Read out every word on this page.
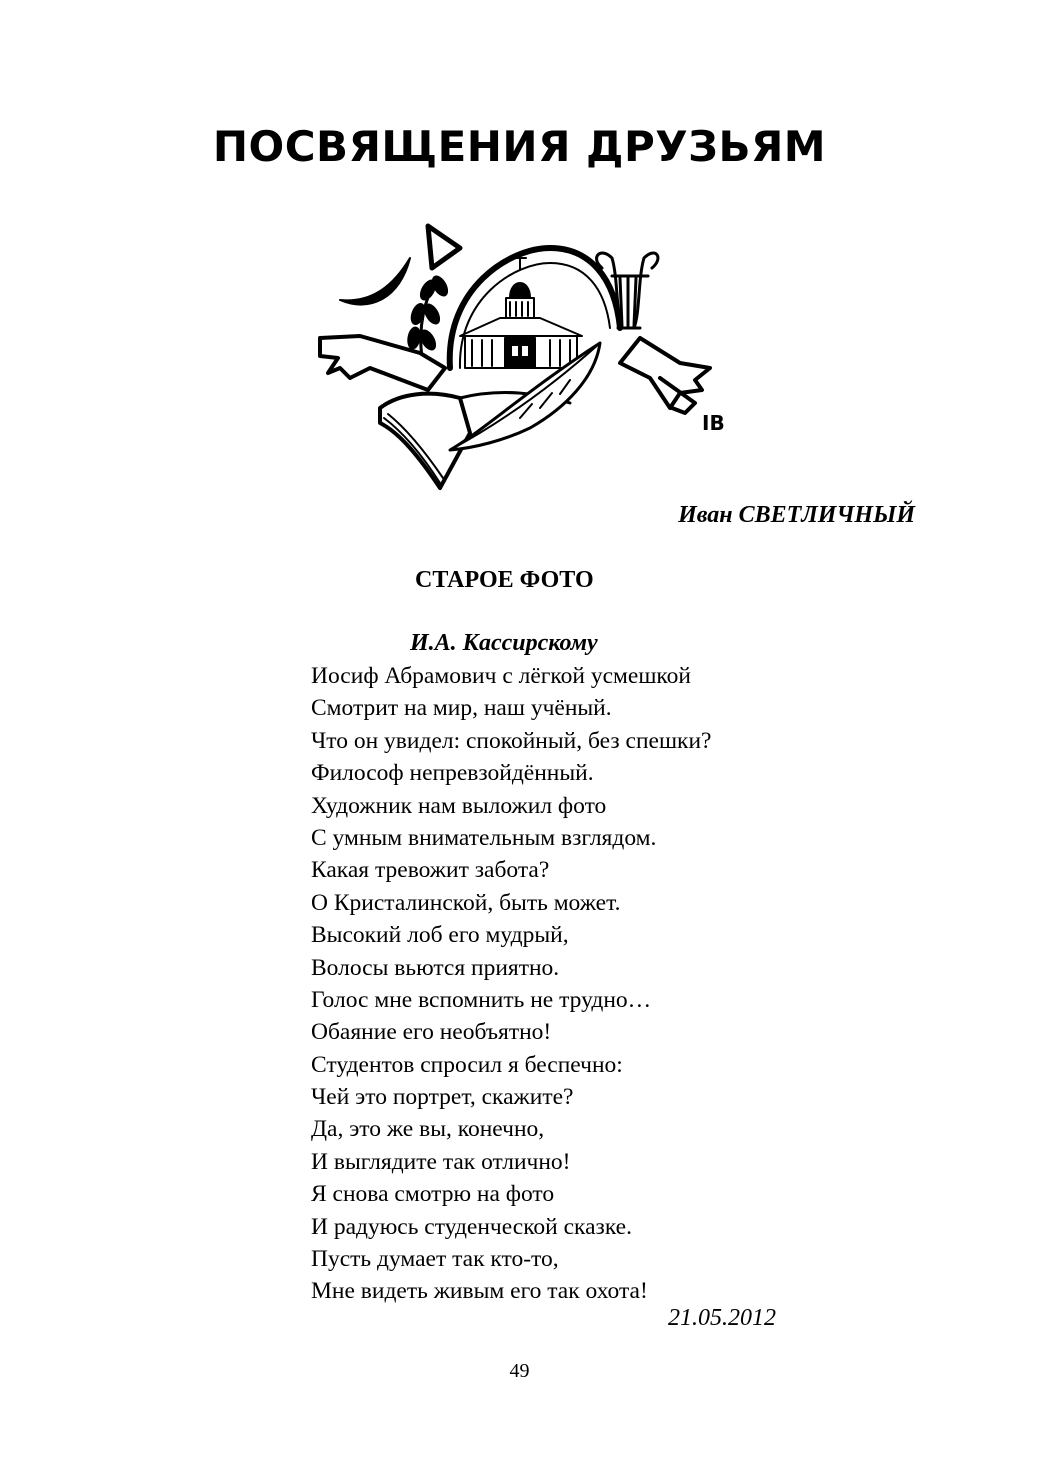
ПОСВЯЩЕНИЯ ДРУЗЬЯМ
ІВ
Иван СВЕТЛИЧНЫЙ
СТАРОЕ ФОТО
И.А. Кассирскому
Иосиф Абрамович с лёгкой усмешкой
Смотрит на мир, наш учёный.
Что он увидел: спокойный, без спешки?
Философ непревзойдённый.
Художник нам выложил фото
С умным внимательным взглядом.
Какая тревожит забота?
О Кристалинской, быть может.
Высокий лоб его мудрый,
Волосы вьются приятно.
Голос мне вспомнить не трудно…
Обаяние его необъятно!
Студентов спросил я беспечно:
Чей это портрет, скажите?
Да, это же вы, конечно,
И выглядите так отлично!
Я снова смотрю на фото
И радуюсь студенческой сказке.
Пусть думает так кто-то,
Мне видеть живым его так охота!
21.05.2012
49
